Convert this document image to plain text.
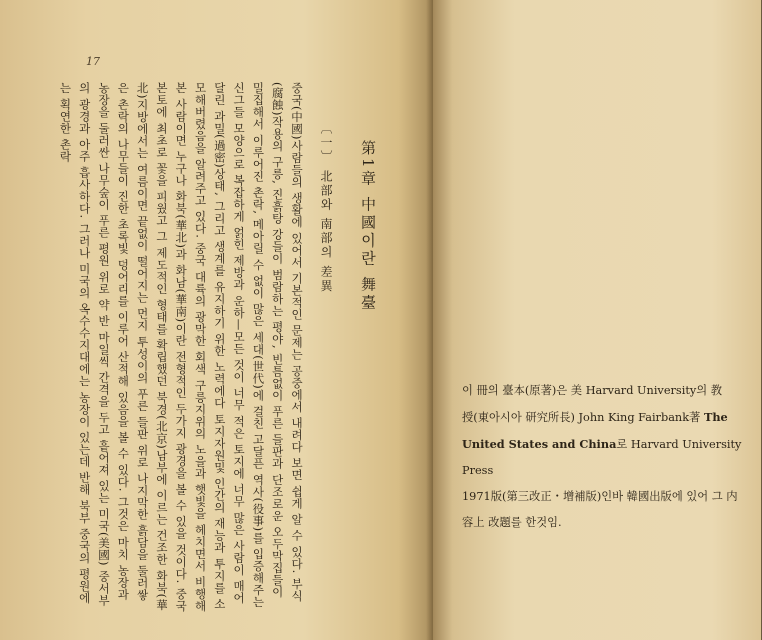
17
第1章 中國이란 舞臺
〔一〕 北部와 南部의 差異
중국(中國)사람들의 생활에 있어서 기본적인 문제는 공중에서 내려다 보면 쉽게 알 수 있다. 부식(腐蝕)작용의 구릉, 진흙탕 강들이 범람하는 평야, 빈틈없이 푸른 들판과 단조로운 오두막집들이 밀집해서 이루어진 촌락, 메아릴 수 없이 많은 세대(世代)에 걸친 고달픈 역사(役事)를 입증해주는 신그들 모양으로 복잡하게 얽힌 제방과 운하—모든 것이 너무 적은 토지에 너무 많은 사람이 매어달린 과밀(過密)상태, 그리고 생계를 유지하기 위한 노력에다 토지자원및 인간의 재능과 투지를 소모해버렸음을 알려주고 있다. 중국 대륙의 광막한 회색 구릉지위의 노을과 햇빛을 헤치면서 비행해 본 사람이면 누구나 화북(華北)과 화남(華南)이란 전형적인 두가지 광경을 볼 수 있을 것이다. 중국 본토에 최초로 꽃을 피웠고 그 제도적인 형태를 확립했던 북경(北京)남부에 이르는 건조한 화북(華北)지방에서는 여름이면 끝없이 떨어지는 먼지 투성이의 푸른 들판 위로 나지막한 흙담을 둘러쌓은 촌락의 나무들이 진한 초록빛 덩어리를 이루어 산적해 있음을 볼 수 있다. 그것은 마치 농장과 농장을 둘러싼 나무숲이 푸른 평원 위로 약 반 마일씩 간격을 두고 흩어져 있는 미국(美國) 중서부의 광경과 아주 흡사하다. 그러나 미국의 옥수수지대에는 농장이 있는데 반해 북부 중국의 평원에는 획연한 촌락
이 冊의 臺本(原著)은 美 Harvard University의 教
授(東아시아 研究所長) John King Fairbank著 The
United States and China로 Harvard University Press
1971版(第三改正・增補版)인바 韓國出版에 있어 그 内
容上 改題를 한것임.
